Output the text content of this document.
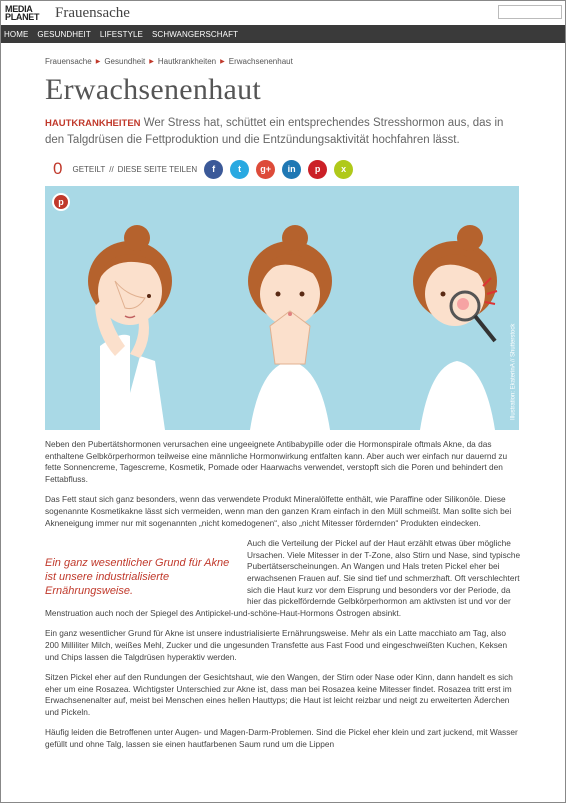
MEDIA
PLANET	Frauensache
HOME GESUNDHEIT LIFESTYLE SCHWANGERSCHAFT
Frauensache ▶ Gesundheit ▶ Hautkrankheiten ▶ Erwachsenenhaut
Erwachsenenhaut

HAUTKRANKHEITEN Wer Stress hat, schüttet ein entsprechendes Stresshormon aus, das in den Talgdrüsen die Fettproduktion und die Entzündungsaktivität hochfahren lässt.

0 GETEILT // DIESE SEITE TEILEN	f	t	g+	in	p	x
p
Illustration: EkaterinA // Shutterstock

Neben den Pubertätshormonen verursachen eine ungeeignete Antibabypille oder die Hormonspirale oftmals Akne, da das enthaltene Gelbkörperhormon teilweise eine männliche Hormonwirkung entfalten kann. Aber auch wer einfach nur dauernd zu fette Sonnencreme, Tagescreme, Kosmetik, Pomade oder Haarwachs verwendet, verstopft sich die Poren und behindert den Fettabfluss.

Das Fett staut sich ganz besonders, wenn das verwendete Produkt Mineralölfette enthält, wie Paraffine oder Silikonöle. Diese sogenannte Kosmetikakne lässt sich vermeiden, wenn man den ganzen Kram einfach in den Müll schmeißt. Man sollte sich bei Akneneigung immer nur mit sogenannten „nicht komedogenen“, also „nicht Mitesser fördernden“ Produkten eindecken.

Ein ganz wesentlicher Grund für Akne ist unsere industrialisierte Ernährungsweise.

Auch die Verteilung der Pickel auf der Haut erzählt etwas über mögliche Ursachen. Viele Mitesser in der T-Zone, also Stirn und Nase, sind typische Pubertätserscheinungen. An Wangen und Hals treten Pickel eher bei erwachsenen Frauen auf. Sie sind tief und schmerzhaft. Oft verschlechtert sich die Haut kurz vor dem Eisprung und besonders vor der Periode, da hier das pickelfördernde Gelbkörperhormon am aktivsten ist und vor der Menstruation auch noch der Spiegel des Antipickel-und-schöne-Haut-Hormons Östrogen absinkt.

Ein ganz wesentlicher Grund für Akne ist unsere industrialisierte Ernährungsweise. Mehr als ein Latte macchiato am Tag, also 200 Milliliter Milch, weißes Mehl, Zucker und die ungesunden Transfette aus Fast Food und eingeschweißten Kuchen, Keksen und Chips lassen die Talgdrüsen hyperaktiv werden.

Sitzen Pickel eher auf den Rundungen der Gesichtshaut, wie den Wangen, der Stirn oder Nase oder Kinn, dann handelt es sich eher um eine Rosazea. Wichtigster Unterschied zur Akne ist, dass man bei Rosazea keine Mitesser findet. Rosazea tritt erst im Erwachsenenalter auf, meist bei Menschen eines hellen Hauttyps; die Haut ist leicht reizbar und neigt zu erweiterten Äderchen und Pickeln.

Häufig leiden die Betroffenen unter Augen- und Magen-Darm-Problemen. Sind die Pickel eher klein und zart juckend, mit Wasser gefüllt und ohne Talg, lassen sie einen hautfarbenen Saum rund um die Lippen
